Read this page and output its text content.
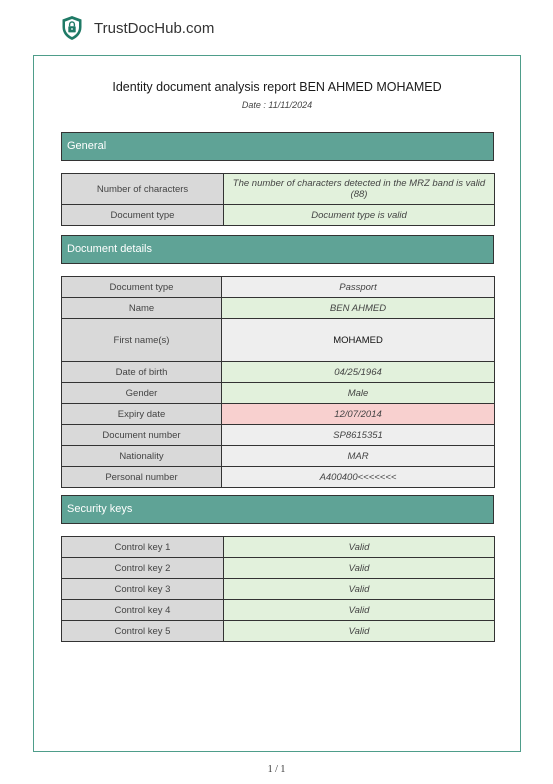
TrustDocHub.com
Identity document analysis report BEN AHMED MOHAMED
Date : 11/11/2024
General
Number of characters	The number of characters detected in the MRZ band is valid (88)
Document type	Document type is valid
Document details
Document type	Passport
Name	BEN AHMED
First name(s)	MOHAMED
Date of birth	04/25/1964
Gender	Male
Expiry date	12/07/2014
Document number	SP8615351
Nationality	MAR
Personal number	A400400<<<<<<<
Security keys
Control key 1	Valid
Control key 2	Valid
Control key 3	Valid
Control key 4	Valid
Control key 5	Valid
1 / 1
